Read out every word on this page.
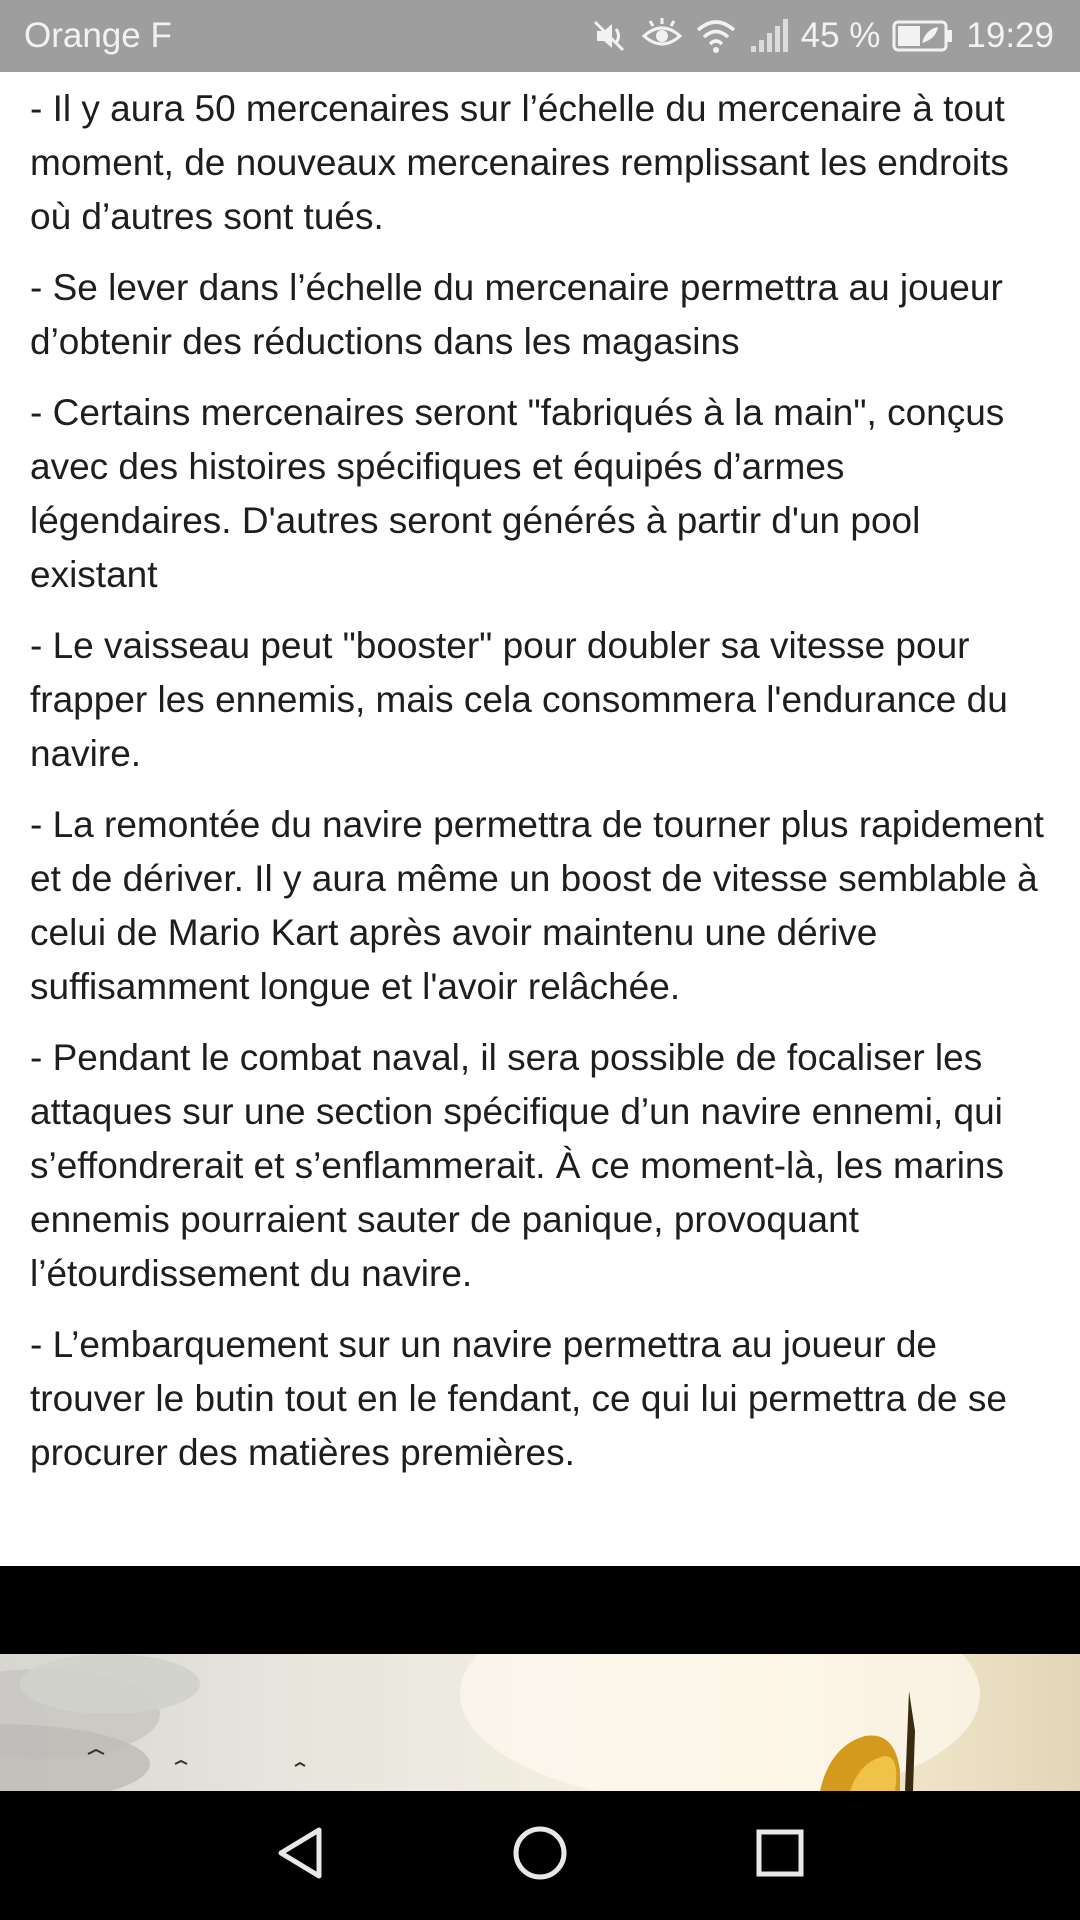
Orange F	45 % 19:29

- Il y aura 50 mercenaires sur l’échelle du mercenaire à tout moment, de nouveaux mercenaires remplissant les endroits où d’autres sont tués.

- Se lever dans l’échelle du mercenaire permettra au joueur d’obtenir des réductions dans les magasins

- Certains mercenaires seront "fabriqués à la main", conçus avec des histoires spécifiques et équipés d’armes légendaires. D'autres seront générés à partir d'un pool existant

- Le vaisseau peut "booster" pour doubler sa vitesse pour frapper les ennemis, mais cela consommera l'endurance du navire.

- La remontée du navire permettra de tourner plus rapidement et de dériver. Il y aura même un boost de vitesse semblable à celui de Mario Kart après avoir maintenu une dérive suffisamment longue et l'avoir relâchée.

- Pendant le combat naval, il sera possible de focaliser les attaques sur une section spécifique d’un navire ennemi, qui s’effondrerait et s’enflammerait. À ce moment-là, les marins ennemis pourraient sauter de panique, provoquant l’étourdissement du navire.

- L’embarquement sur un navire permettra au joueur de trouver le butin tout en le fendant, ce qui lui permettra de se procurer des matières premières.
